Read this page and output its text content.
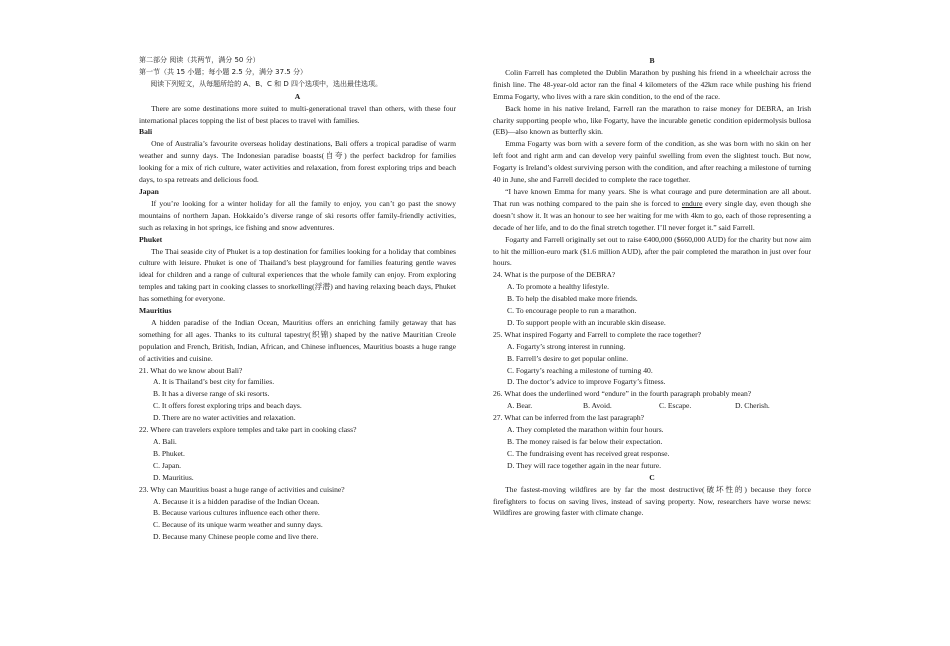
第二部分 阅读（共两节，满分 50 分）

第一节（共 15 小题；每小题 2.5 分，满分 37.5 分）

阅读下列短文，从每题所给的 A、B、C 和 D 四个选项中，选出最佳选项。

A

There are some destinations more suited to multi-generational travel than others, with these four international places topping the list of best places to travel with families.

Bali

One of Australia’s favourite overseas holiday destinations, Bali offers a tropical paradise of warm weather and sunny days. The Indonesian paradise boasts(自夸) the perfect backdrop for families looking for a mix of rich culture, water activities and relaxation, from forest exploring trips and beach days, to spa retreats and delicious food.

Japan

If you’re looking for a winter holiday for all the family to enjoy, you can’t go past the snowy mountains of northern Japan. Hokkaido’s diverse range of ski resorts offer family-friendly activities, such as relaxing in hot springs, ice fishing and snow adventures.

Phuket

The Thai seaside city of Phuket is a top destination for families looking for a holiday that combines culture with leisure. Phuket is one of Thailand’s best playground for families featuring gentle waves ideal for children and a range of cultural experiences that the whole family can enjoy. From exploring temples and taking part in cooking classes to snorkelling(浮潜) and having relaxing beach days, Phuket has something for everyone.

Mauritius

A hidden paradise of the Indian Ocean, Mauritius offers an enriching family getaway that has something for all ages. Thanks to its cultural tapestry(织锦) shaped by the native Mauritian Creole population and French, British, Indian, African, and Chinese influences, Mauritius boasts a huge range of activities and cuisine.

21. What do we know about Bali?

A. It is Thailand’s best city for families.

B. It has a diverse range of ski resorts.

C. It offers forest exploring trips and beach days.

D. There are no water activities and relaxation.

22. Where can travelers explore temples and take part in cooking class?

A. Bali.

B. Phuket.

C. Japan.

D. Mauritius.

23. Why can Mauritius boast a huge range of activities and cuisine?

A. Because it is a hidden paradise of the Indian Ocean.

B. Because various cultures influence each other there.

C. Because of its unique warm weather and sunny days.

D. Because many Chinese people come and live there.

B

Colin Farrell has completed the Dublin Marathon by pushing his friend in a wheelchair across the finish line. The 48-year-old actor ran the final 4 kilometers of the 42km race while pushing his friend Emma Fogarty, who lives with a rare skin condition, to the end of the race.

Back home in his native Ireland, Farrell ran the marathon to raise money for DEBRA, an Irish charity supporting people who, like Fogarty, have the incurable genetic condition epidermolysis bullosa (EB)—also known as butterfly skin.

Emma Fogarty was born with a severe form of the condition, as she was born with no skin on her left foot and right arm and can develop very painful swelling from even the slightest touch. But now, Fogarty is Ireland’s oldest surviving person with the condition, and after reaching a milestone of turning 40 in June, she and Farrell decided to complete the race together.

“I have known Emma for many years. She is what courage and pure determination are all about. That run was nothing compared to the pain she is forced to endure every single day, even though she doesn’t show it. It was an honour to see her waiting for me with 4km to go, each of those representing a decade of her life, and to do the final stretch together. I’ll never forget it.” said Farrell.

Fogarty and Farrell originally set out to raise €400,000 ($660,000 AUD) for the charity but now aim to hit the million-euro mark ($1.6 million AUD), after the pair completed the marathon in just over four hours.

24. What is the purpose of the DEBRA?

A. To promote a healthy lifestyle.

B. To help the disabled make more friends.

C. To encourage people to run a marathon.

D. To support people with an incurable skin disease.

25. What inspired Fogarty and Farrell to complete the race together?

A. Fogarty’s strong interest in running.

B. Farrell’s desire to get popular online.

C. Fogarty’s reaching a milestone of turning 40.

D. The doctor’s advice to improve Fogarty’s fitness.

26. What does the underlined word “endure” in the fourth paragraph probably mean?

A. Bear.	B. Avoid.	C. Escape.	D. Cherish.

27. What can be inferred from the last paragraph?

A. They completed the marathon within four hours.

B. The money raised is far below their expectation.

C. The fundraising event has received great response.

D. They will race together again in the near future.

C

The fastest-moving wildfires are by far the most destructive(破坏性的) because they force firefighters to focus on saving lives, instead of saving property. Now, researchers have worse news: Wildfires are growing faster with climate change.
